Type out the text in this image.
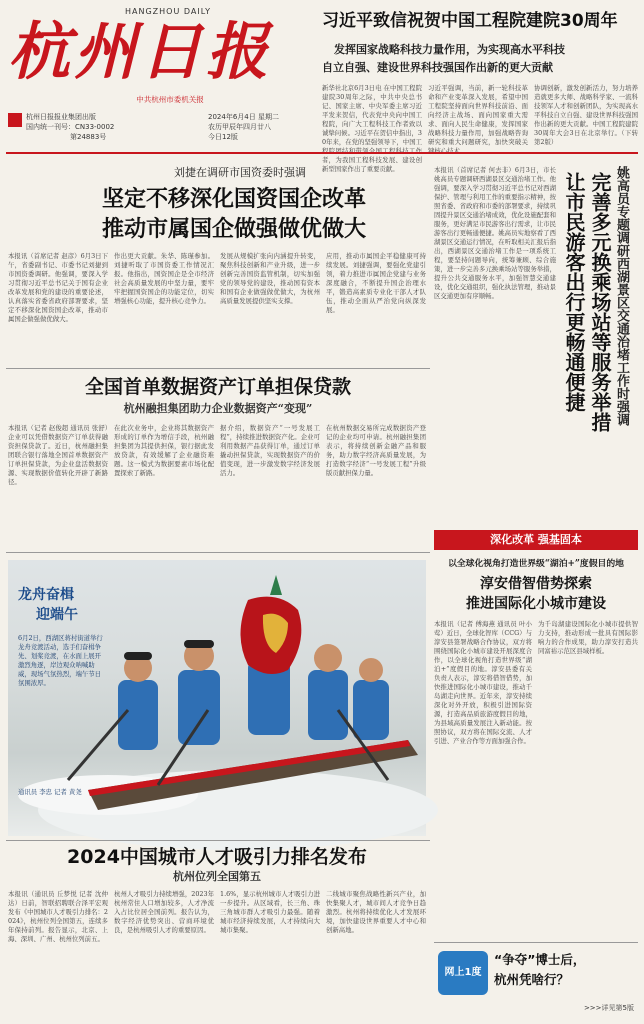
HANGZHOU DAILY
杭州日报
中共杭州市委机关报
杭州日报报业集团出版
国内统一刊号：CN33-0002
第24883号
2024年6月4日 星期二
农历甲辰年四月廿八
今日12版
习近平致信祝贺中国工程院建院30周年
发挥国家战略科技力量作用，为实现高水平科技
自立自强、建设世界科技强国作出新的更大贡献
新华社北京6月3日电 在中国工程院建院30周年之际，中共中央总书记、国家主席、中央军委主席习近平发来贺信，代表党中央向中国工程院，向广大工程科技工作者致以诚挚问候。习近平在贺信中指出，30年来，在党的坚强领导下，中国工程院团结和带领全国工程科技工作者，为我国工程科技发展、建设创新型国家作出了重要贡献。
习近平强调，当前，新一轮科技革命和产业变革深入发展，希望中国工程院坚持面向世界科技前沿、面向经济主战场、面向国家重大需求、面向人民生命健康，发挥国家战略科技力量作用，加强战略咨询研究和重大问题研究，加快突破关键核心技术。
协调创新，激发创新活力，努力培养造就更多大师、战略科学家、一流科技领军人才和创新团队，为实现高水平科技自立自强、建设世界科技强国作出新的更大贡献。中国工程院建院30周年大会3日在北京举行。（下转第2版）
刘捷在调研市国资委时强调
坚定不移深化国资国企改革
推动市属国企做强做优做大
本报讯（首席记者 赵彦）6月3日下午，省委副书记、市委书记刘捷到市国资委调研。他强调，要深入学习贯彻习近平总书记关于国有企业改革发展和党的建设的重要论述，认真落实省委省政府部署要求，坚定不移深化国资国企改革，推动市属国企做强做优做大。
作出更大贡献。朱华、陈瑾参加。刘捷听取了市国资委工作情况汇报。他指出，国资国企是全市经济社会高质量发展的中坚力量，要牢牢把握国资国企的功能定位，切实增强核心功能，提升核心竞争力。
发展从规模扩张向内涵提升转变，聚焦科技创新和产业升级，进一步创新完善国资监管机制，切实加强党的领导党的建设，推动国有资本和国有企业做强做优做大，为杭州高质量发展提供坚实支撑。
应用，推动市属国企平稳健康可持续发展。刘捷强调，要强化党建引领，着力推进市属国企党建与业务深度融合，不断提升国企治理水平，锻造高素质专业化干部人才队伍，推动全面从严治党向纵深发展。	姚高员专题调研西湖景区交通治堵工作时强调
完善多元换乘场站等服务举措
让市民游客出行更畅通便捷
本报讯（首席记者 何去非）6月3日，市长姚高员专题调研西湖景区交通治堵工作。他强调，要深入学习贯彻习近平总书记对西湖保护、管理与利用工作的重要指示精神，按照省委、省政府和市委的部署要求，持续巩固提升景区交通治堵成效，优化设施配套和服务，更好满足市民游客出行需求，让市民游客出行更畅通便捷。姚高员实地察看了西湖景区交通运行情况，在听取相关汇报后指出，西湖景区交通治堵工作是一项系统工程，要坚持问题导向，统筹兼顾、综合施策，进一步完善多元换乘场站等服务举措，提升公共交通服务水平，加强智慧交通建设，优化交通组织，强化执法管理，推动景区交通更加有序顺畅。
深化改革 强基固本
全国首单数据资产订单担保贷款
杭州融担集团助力企业数据资产“变现”
本报讯（记者 赵俊超 通讯员 张舒）企业可以凭借数据资产订单获得融资担保贷款了。近日，杭州融担集团联合银行落地全国首单数据资产订单担保贷款，为企业盘活数据资源、实现数据价值转化开辟了新路径。
在此次业务中，企业将其数据资产形成的订单作为增信手段，杭州融担集团为其提供担保，银行据此发放贷款，有效缓解了企业融资难题。这一模式为数据要素市场化配置探索了新路。
据介绍，数据资产“一号发展工程”，持续推进数据资产化。企业可利用数据产品获得订单，通过订单撬动担保贷款，实现数据资产的价值变现，进一步激发数字经济发展活力。
在杭州数据交易所完成数据资产登记的企业均可申请。杭州融担集团表示，将持续创新金融产品和服务，助力数字经济高质量发展，为打造数字经济“一号发展工程”升级版贡献担保力量。
龙舟奋楫
迎端午
6月2日，西湖区蒋村街道举行龙舟竞渡活动，选手们奋楫争先、划桨竞渡，在水面上展开激烈角逐，岸边观众呐喊助威，现场气氛热烈，端午节日氛围浓厚。
通讯员 李忠 记者 黄尧
以全球化视角打造世界级“湖泊+”度假目的地
淳安借智借势探索
推进国际化小城市建设
本报讯（记者 傅海燕 通讯员 叶小莺）近日，全球化智库（CCG）与淳安县签署战略合作协议，双方将围绕国际化小城市建设开展深度合作，以全球化视角打造世界级“湖泊+”度假目的地。淳安县委有关负责人表示，淳安将借智借势，加快推进国际化小城市建设，推动千岛湖走向世界。近年来，淳安持续深化对外开放，积极引进国际资源，打造高品质旅游度假目的地，为县域高质量发展注入新动能。按照协议，双方将在国际交流、人才引进、产业合作等方面加强合作。
为千岛湖建设国际化小城市提供智力支持，推动形成一批具有国际影响力的合作成果，助力淳安打造共同富裕示范区县域样板。
2024中国城市人才吸引力排名发布
杭州位列全国第五
本报讯（通讯员 丘梦悦 记者 沈仲达）日前，智联招聘联合泽平宏观发布《中国城市人才吸引力排名：2024》，杭州位列全国第五，连续多年保持前列。报告显示，北京、上海、深圳、广州、杭州位列前五。
杭州人才吸引力持续增强，2023年杭州常住人口增加较多，人才净流入占比位居全国前列。报告认为，数字经济优势突出、营商环境优良，是杭州吸引人才的重要原因。
1.6%，显示杭州城市人才吸引力进一步提升。从区域看，长三角、珠三角城市群人才吸引力最强。随着城市经济持续发展，人才持续向大城市集聚。
二线城市聚焦战略性新兴产业，加快集聚人才，城市间人才竞争日趋激烈。杭州将持续优化人才发展环境，加快建设世界重要人才中心和创新高地。
网上1度
“争夺”博士后，
杭州凭啥行？
>>>详见第5版
